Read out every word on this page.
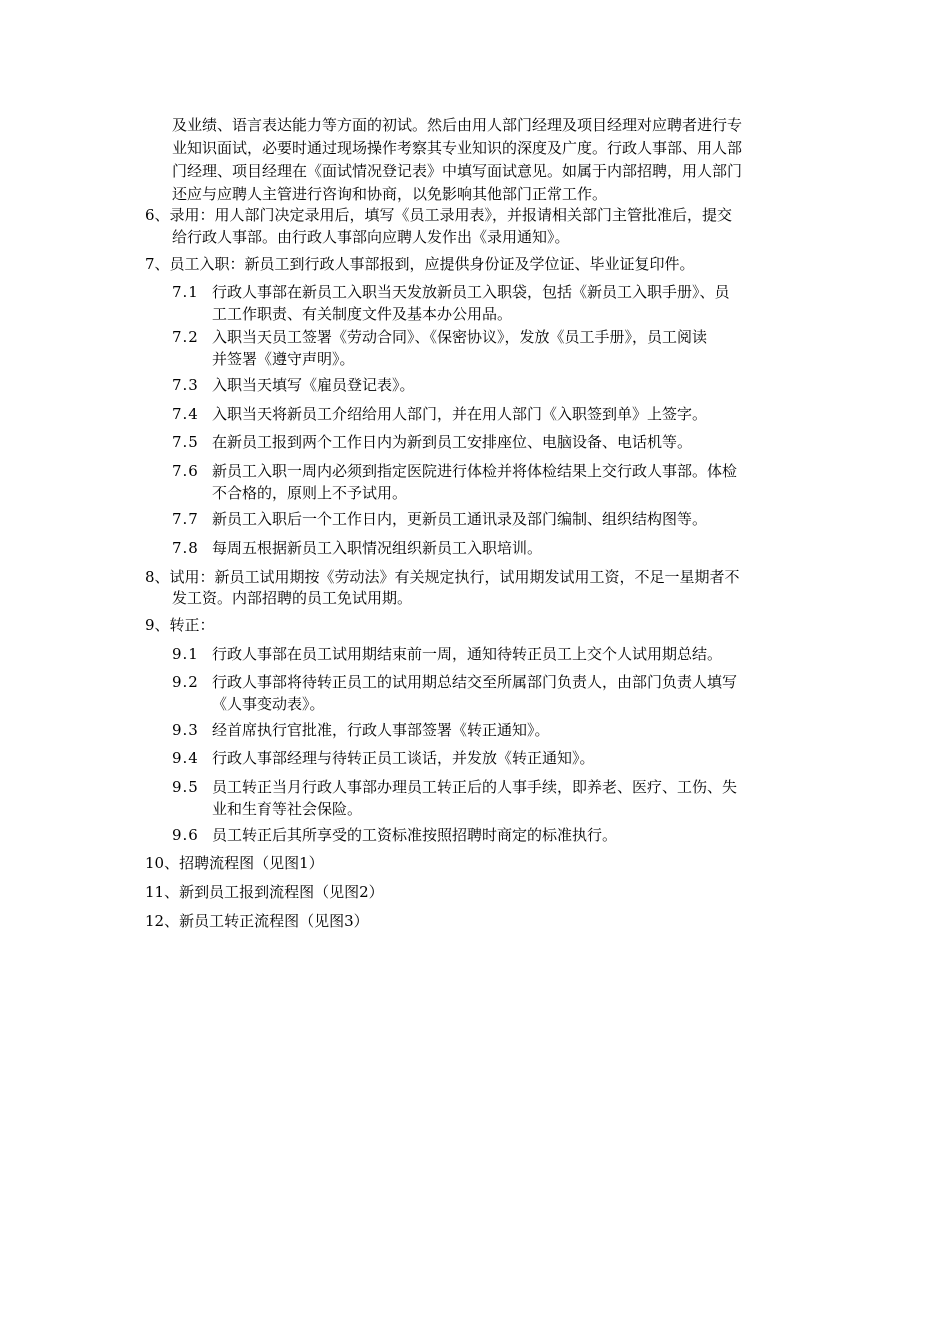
及业绩、语言表达能力等方面的初试。然后由用人部门经理及项目经理对应聘者进行专

业知识面试，必要时通过现场操作考察其专业知识的深度及广度。行政人事部、用人部

门经理、项目经理在《面试情况登记表》中填写面试意见。如属于内部招聘，用人部门

还应与应聘人主管进行咨询和协商，以免影响其他部门正常工作。

6、录用：用人部门决定录用后，填写《员工录用表》，并报请相关部门主管批准后，提交

给行政人事部。由行政人事部向应聘人发作出《录用通知》。

7、员工入职：新员工到行政人事部报到，应提供身份证及学位证、毕业证复印件。

7.1 行政人事部在新员工入职当天发放新员工入职袋，包括《新员工入职手册》、员

工工作职责、有关制度文件及基本办公用品。

7.2 入职当天员工签署《劳动合同》、《保密协议》，发放《员工手册》，员工阅读

并签署《遵守声明》。

7.3 入职当天填写《雇员登记表》。

7.4 入职当天将新员工介绍给用人部门，并在用人部门《入职签到单》上签字。

7.5 在新员工报到两个工作日内为新到员工安排座位、电脑设备、电话机等。

7.6 新员工入职一周内必须到指定医院进行体检并将体检结果上交行政人事部。体检

不合格的，原则上不予试用。

7.7 新员工入职后一个工作日内，更新员工通讯录及部门编制、组织结构图等。

7.8 每周五根据新员工入职情况组织新员工入职培训。

8、试用：新员工试用期按《劳动法》有关规定执行，试用期发试用工资，不足一星期者不

发工资。内部招聘的员工免试用期。

9、转正：

9.1 行政人事部在员工试用期结束前一周，通知待转正员工上交个人试用期总结。

9.2 行政人事部将待转正员工的试用期总结交至所属部门负责人，由部门负责人填写

《人事变动表》。

9.3 经首席执行官批准，行政人事部签署《转正通知》。

9.4 行政人事部经理与待转正员工谈话，并发放《转正通知》。

9.5 员工转正当月行政人事部办理员工转正后的人事手续，即养老、医疗、工伤、失

业和生育等社会保险。

9.6 员工转正后其所享受的工资标准按照招聘时商定的标准执行。

10、招聘流程图（见图1）

11、新到员工报到流程图（见图2）

12、新员工转正流程图（见图3）
